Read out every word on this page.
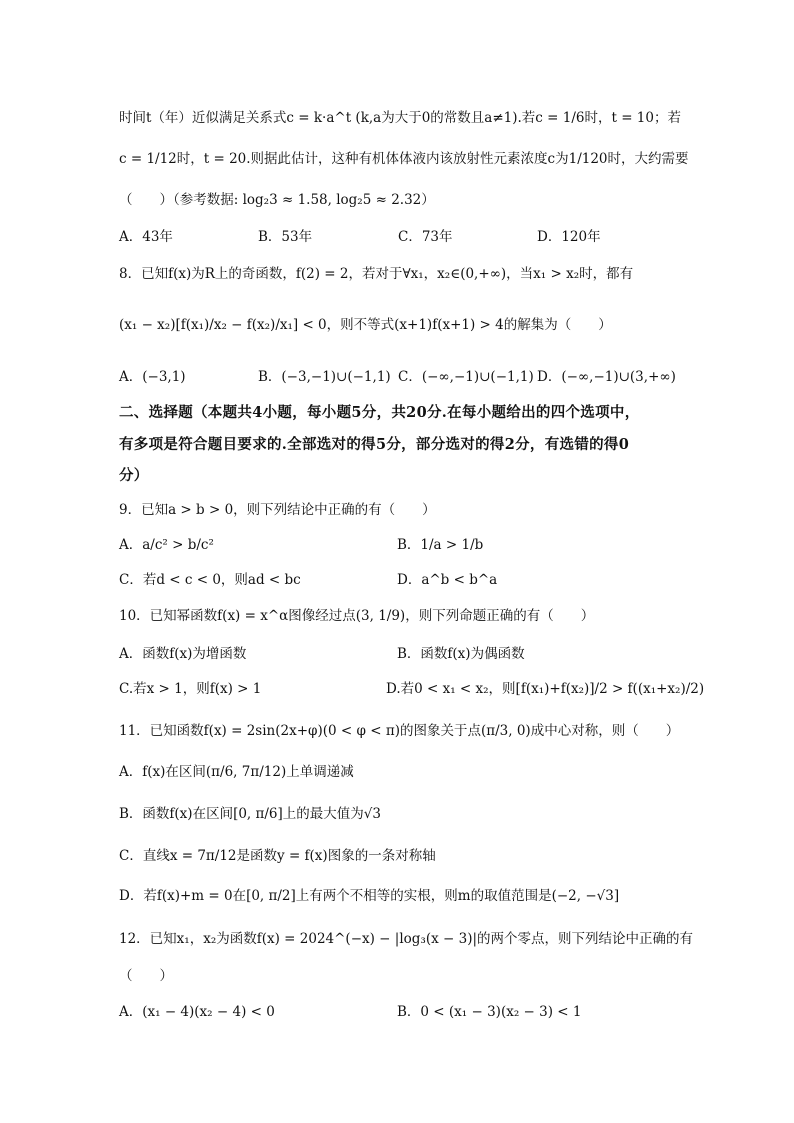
时间t（年）近似满足关系式c = k·a^t (k,a为大于0的常数且a≠1).若c = 1/6时，t = 10；若
c = 1/12时，t = 20.则据此估计，这种有机体体液内该放射性元素浓度c为1/120时，大约需要
（　　）（参考数据: log₂3 ≈ 1.58, log₂5 ≈ 2.32）
A．43年	B．53年	C．73年	D．120年
8．已知f(x)为R上的奇函数，f(2) = 2，若对于∀x₁，x₂∈(0,+∞)，当x₁ > x₂时，都有
(x₁ − x₂)[f(x₁)/x₂ − f(x₂)/x₁] < 0，则不等式(x+1)f(x+1) > 4的解集为（　　）
A．(−3,1)	B．(−3,−1)∪(−1,1) C．(−∞,−1)∪(−1,1) D．(−∞,−1)∪(3,+∞)
二、选择题（本题共4小题，每小题5分，共20分.在每小题给出的四个选项中，
有多项是符合题目要求的.全部选对的得5分，部分选对的得2分，有选错的得0
分）
9．已知a > b > 0，则下列结论中正确的有（　　）
A．a/c² > b/c²	B．1/a > 1/b
C．若d < c < 0，则ad < bc	D．a^b < b^a
10．已知幂函数f(x) = x^α图像经过点(3, 1/9)，则下列命题正确的有（　　）
A．函数f(x)为增函数	B．函数f(x)为偶函数
C.若x > 1，则f(x) > 1	D.若0 < x₁ < x₂，则[f(x₁)+f(x₂)]/2 > f((x₁+x₂)/2)
11．已知函数f(x) = 2sin(2x+φ)(0 < φ < π)的图象关于点(π/3, 0)成中心对称，则（　　）
A．f(x)在区间(π/6, 7π/12)上单调递减
B．函数f(x)在区间[0, π/6]上的最大值为√3
C．直线x = 7π/12是函数y = f(x)图象的一条对称轴
D．若f(x)+m = 0在[0, π/2]上有两个不相等的实根，则m的取值范围是(−2, −√3]
12．已知x₁，x₂为函数f(x) = 2024^(−x) − |log₃(x − 3)|的两个零点，则下列结论中正确的有
（　　）
A．(x₁ − 4)(x₂ − 4) < 0	B．0 < (x₁ − 3)(x₂ − 3) < 1
